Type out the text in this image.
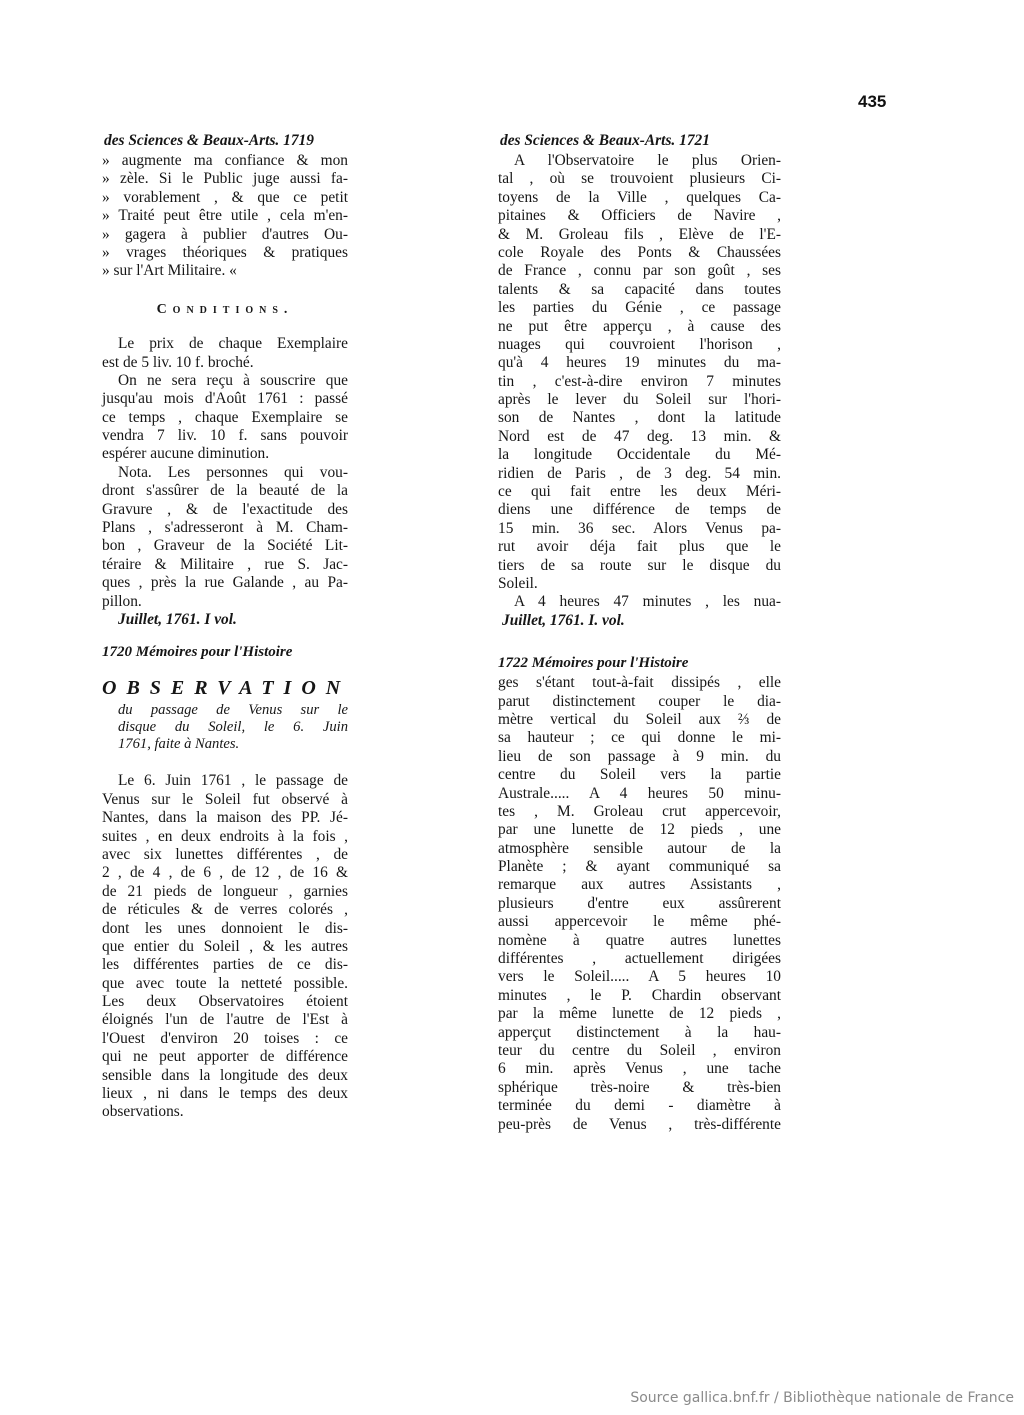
435
des Sciences & Beaux-Arts. 1719
» augmente ma confiance & mon
» zèle. Si le Public juge aussi fa-
» vorablement , & que ce petit
» Traité peut être utile , cela m'en-
» gagera à publier d'autres Ou-
» vrages théoriques & pratiques
» sur l'Art Militaire. «
Conditions.
Le prix de chaque Exemplaire
est de 5 liv. 10 f. broché.
On ne sera reçu à souscrire que
jusqu'au mois d'Août 1761 : passé
ce temps , chaque Exemplaire se
vendra 7 liv. 10 f. sans pouvoir
espérer aucune diminution.
Nota. Les personnes qui vou-
dront s'assûrer de la beauté de la
Gravure , & de l'exactitude des
Plans , s'adresseront à M. Cham-
bon , Graveur de la Société Lit-
téraire & Militaire , rue S. Jac-
ques , près la rue Galande , au Pa-
pillon.
Juillet, 1761. I vol.
1720 Mémoires pour l'Histoire
OBSERVATION
du passage de Venus sur le
disque du Soleil, le 6. Juin
1761, faite à Nantes.
Le 6. Juin 1761 , le passage de
Venus sur le Soleil fut observé à
Nantes, dans la maison des PP. Jé-
suites , en deux endroits à la fois ,
avec six lunettes différentes , de
2 , de 4 , de 6 , de 12 , de 16 &
de 21 pieds de longueur , garnies
de réticules & de verres colorés ,
dont les unes donnoient le dis-
que entier du Soleil , & les autres
les différentes parties de ce dis-
que avec toute la netteté possible.
Les deux Observatoires étoient
éloignés l'un de l'autre de l'Est à
l'Ouest d'environ 20 toises : ce
qui ne peut apporter de différence
sensible dans la longitude des deux
lieux , ni dans le temps des deux
observations.
des Sciences & Beaux-Arts. 1721
A l'Observatoire le plus Orien-
tal , où se trouvoient plusieurs Ci-
toyens de la Ville , quelques Ca-
pitaines & Officiers de Navire ,
& M. Groleau fils , Elève de l'E-
cole Royale des Ponts & Chaussées
de France , connu par son goût , ses
talents & sa capacité dans toutes
les parties du Génie , ce passage
ne put être apperçu , à cause des
nuages qui couvroient l'horison ,
qu'à 4 heures 19 minutes du ma-
tin , c'est-à-dire environ 7 minutes
après le lever du Soleil sur l'hori-
son de Nantes , dont la latitude
Nord est de 47 deg. 13 min. &
la longitude Occidentale du Mé-
ridien de Paris , de 3 deg. 54 min.
ce qui fait entre les deux Méri-
diens une différence de temps de
15 min. 36 sec. Alors Venus pa-
rut avoir déja fait plus que le
tiers de sa route sur le disque du
Soleil.
A 4 heures 47 minutes , les nua-
Juillet, 1761. I. vol.
1722 Mémoires pour l'Histoire
ges s'étant tout-à-fait dissipés , elle
parut distinctement couper le dia-
mètre vertical du Soleil aux ⅔ de
sa hauteur ; ce qui donne le mi-
lieu de son passage à 9 min. du
centre du Soleil vers la partie
Australe..... A 4 heures 50 minu-
tes , M. Groleau crut appercevoir,
par une lunette de 12 pieds , une
atmosphère sensible autour de la
Planète ; & ayant communiqué sa
remarque aux autres Assistants ,
plusieurs d'entre eux assûrerent
aussi appercevoir le même phé-
nomène à quatre autres lunettes
différentes , actuellement dirigées
vers le Soleil..... A 5 heures 10
minutes , le P. Chardin observant
par la même lunette de 12 pieds ,
apperçut distinctement à la hau-
teur du centre du Soleil , environ
6 min. après Venus , une tache
sphérique très-noire & très-bien
terminée du demi - diamètre à
peu-près de Venus , très-différente
Source gallica.bnf.fr / Bibliothèque nationale de France
